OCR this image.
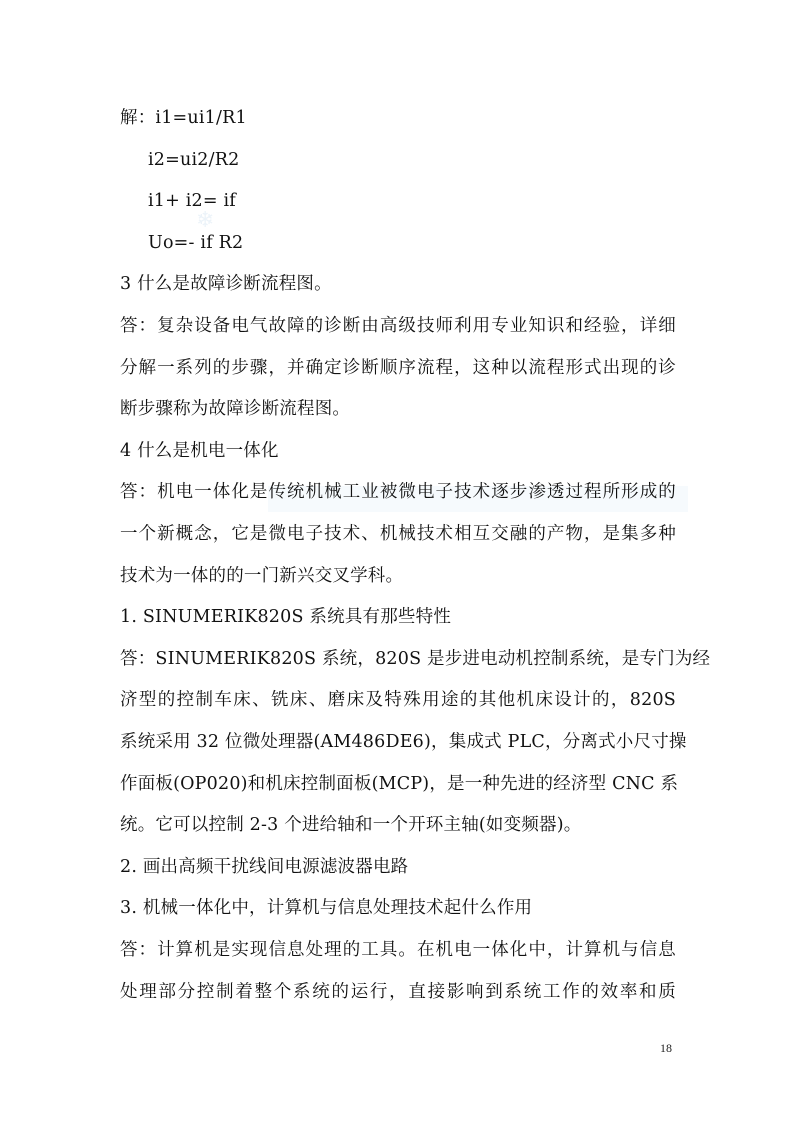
❄
解：i1=ui1/R1
i2=ui2/R2
i1+ i2= if
Uo=- if R2
3 什么是故障诊断流程图。
答：复杂设备电气故障的诊断由高级技师利用专业知识和经验，详细
分解一系列的步骤，并确定诊断顺序流程，这种以流程形式出现的诊
断步骤称为故障诊断流程图。
4 什么是机电一体化
答：机电一体化是传统机械工业被微电子技术逐步渗透过程所形成的
一个新概念，它是微电子技术、机械技术相互交融的产物，是集多种
技术为一体的的一门新兴交叉学科。
1. SINUMERIK820S 系统具有那些特性
答：SINUMERIK820S 系统，820S 是步进电动机控制系统，是专门为经
济型的控制车床、铣床、磨床及特殊用途的其他机床设计的，820S
系统采用 32 位微处理器(AM486DE6)，集成式 PLC，分离式小尺寸操
作面板(OP020)和机床控制面板(MCP)，是一种先进的经济型 CNC 系
统。它可以控制 2-3 个进给轴和一个开环主轴(如变频器)。
2. 画出高频干扰线间电源滤波器电路
3. 机械一体化中，计算机与信息处理技术起什么作用
答：计算机是实现信息处理的工具。在机电一体化中，计算机与信息
处理部分控制着整个系统的运行，直接影响到系统工作的效率和质
18
